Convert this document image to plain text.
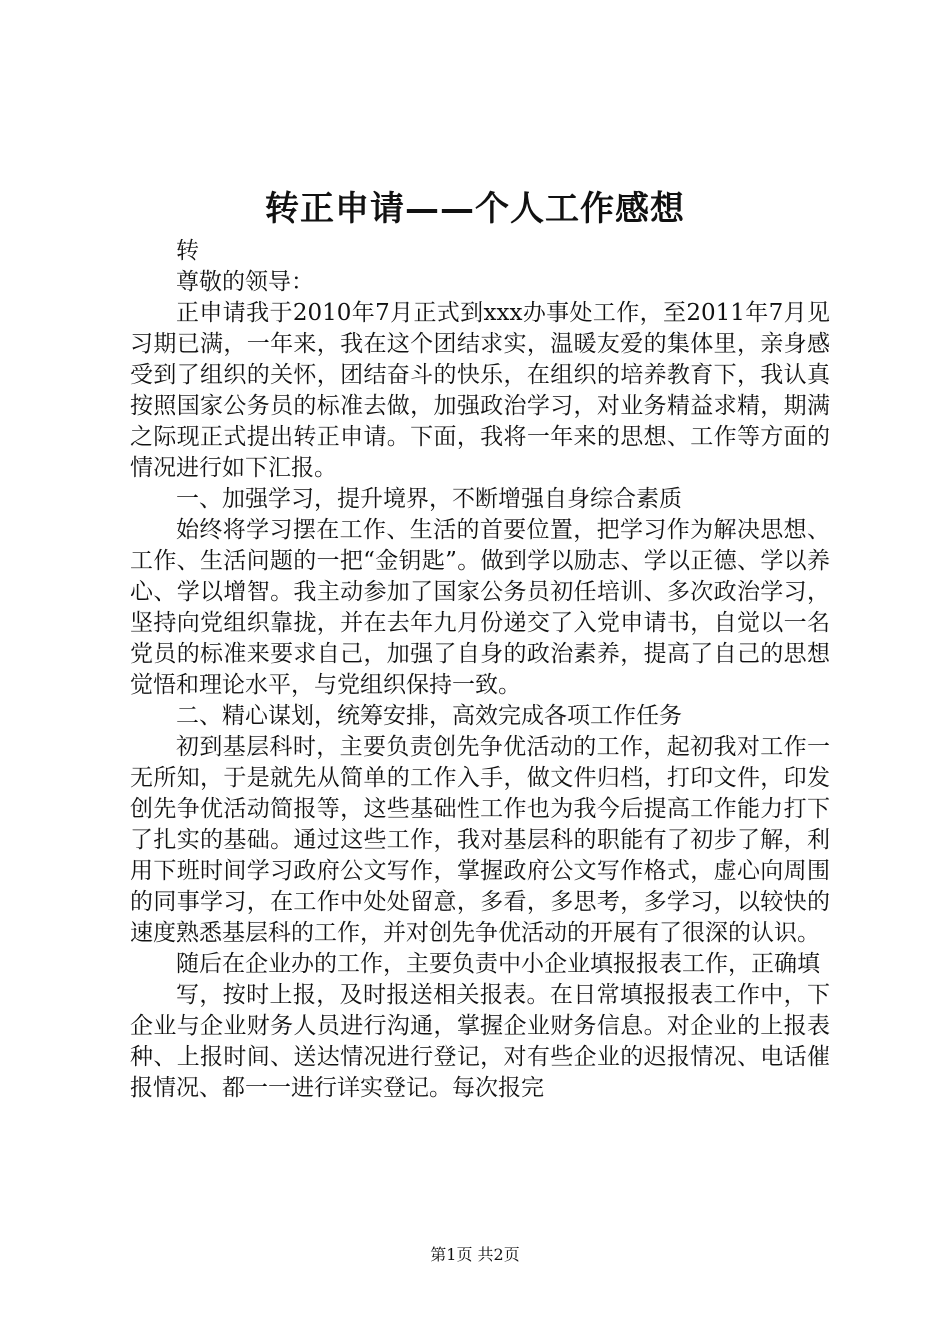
转正申请——个人工作感想

转

尊敬的领导：

正申请我于2010年7月正式到xxx办事处工作，至2011年7月见习期已满，一年来，我在这个团结求实，温暖友爱的集体里，亲身感受到了组织的关怀，团结奋斗的快乐，在组织的培养教育下，我认真按照国家公务员的标准去做，加强政治学习，对业务精益求精，期满之际现正式提出转正申请。下面，我将一年来的思想、工作等方面的情况进行如下汇报。

一、加强学习，提升境界，不断增强自身综合素质

始终将学习摆在工作、生活的首要位置，把学习作为解决思想、工作、生活问题的一把“金钥匙”。做到学以励志、学以正德、学以养心、学以增智。我主动参加了国家公务员初任培训、多次政治学习，坚持向党组织靠拢，并在去年九月份递交了入党申请书，自觉以一名党员的标准来要求自己，加强了自身的政治素养，提高了自己的思想觉悟和理论水平，与党组织保持一致。

二、精心谋划，统筹安排，高效完成各项工作任务

初到基层科时，主要负责创先争优活动的工作，起初我对工作一无所知，于是就先从简单的工作入手，做文件归档，打印文件，印发创先争优活动简报等，这些基础性工作也为我今后提高工作能力打下了扎实的基础。通过这些工作，我对基层科的职能有了初步了解，利用下班时间学习政府公文写作，掌握政府公文写作格式，虚心向周围的同事学习，在工作中处处留意，多看，多思考，多学习，以较快的速度熟悉基层科的工作，并对创先争优活动的开展有了很深的认识。

随后在企业办的工作，主要负责中小企业填报报表工作，正确填

写，按时上报，及时报送相关报表。在日常填报报表工作中，下企业与企业财务人员进行沟通，掌握企业财务信息。对企业的上报表种、上报时间、送达情况进行登记，对有些企业的迟报情况、电话催报情况、都一一进行详实登记。每次报完

第1页 共2页
